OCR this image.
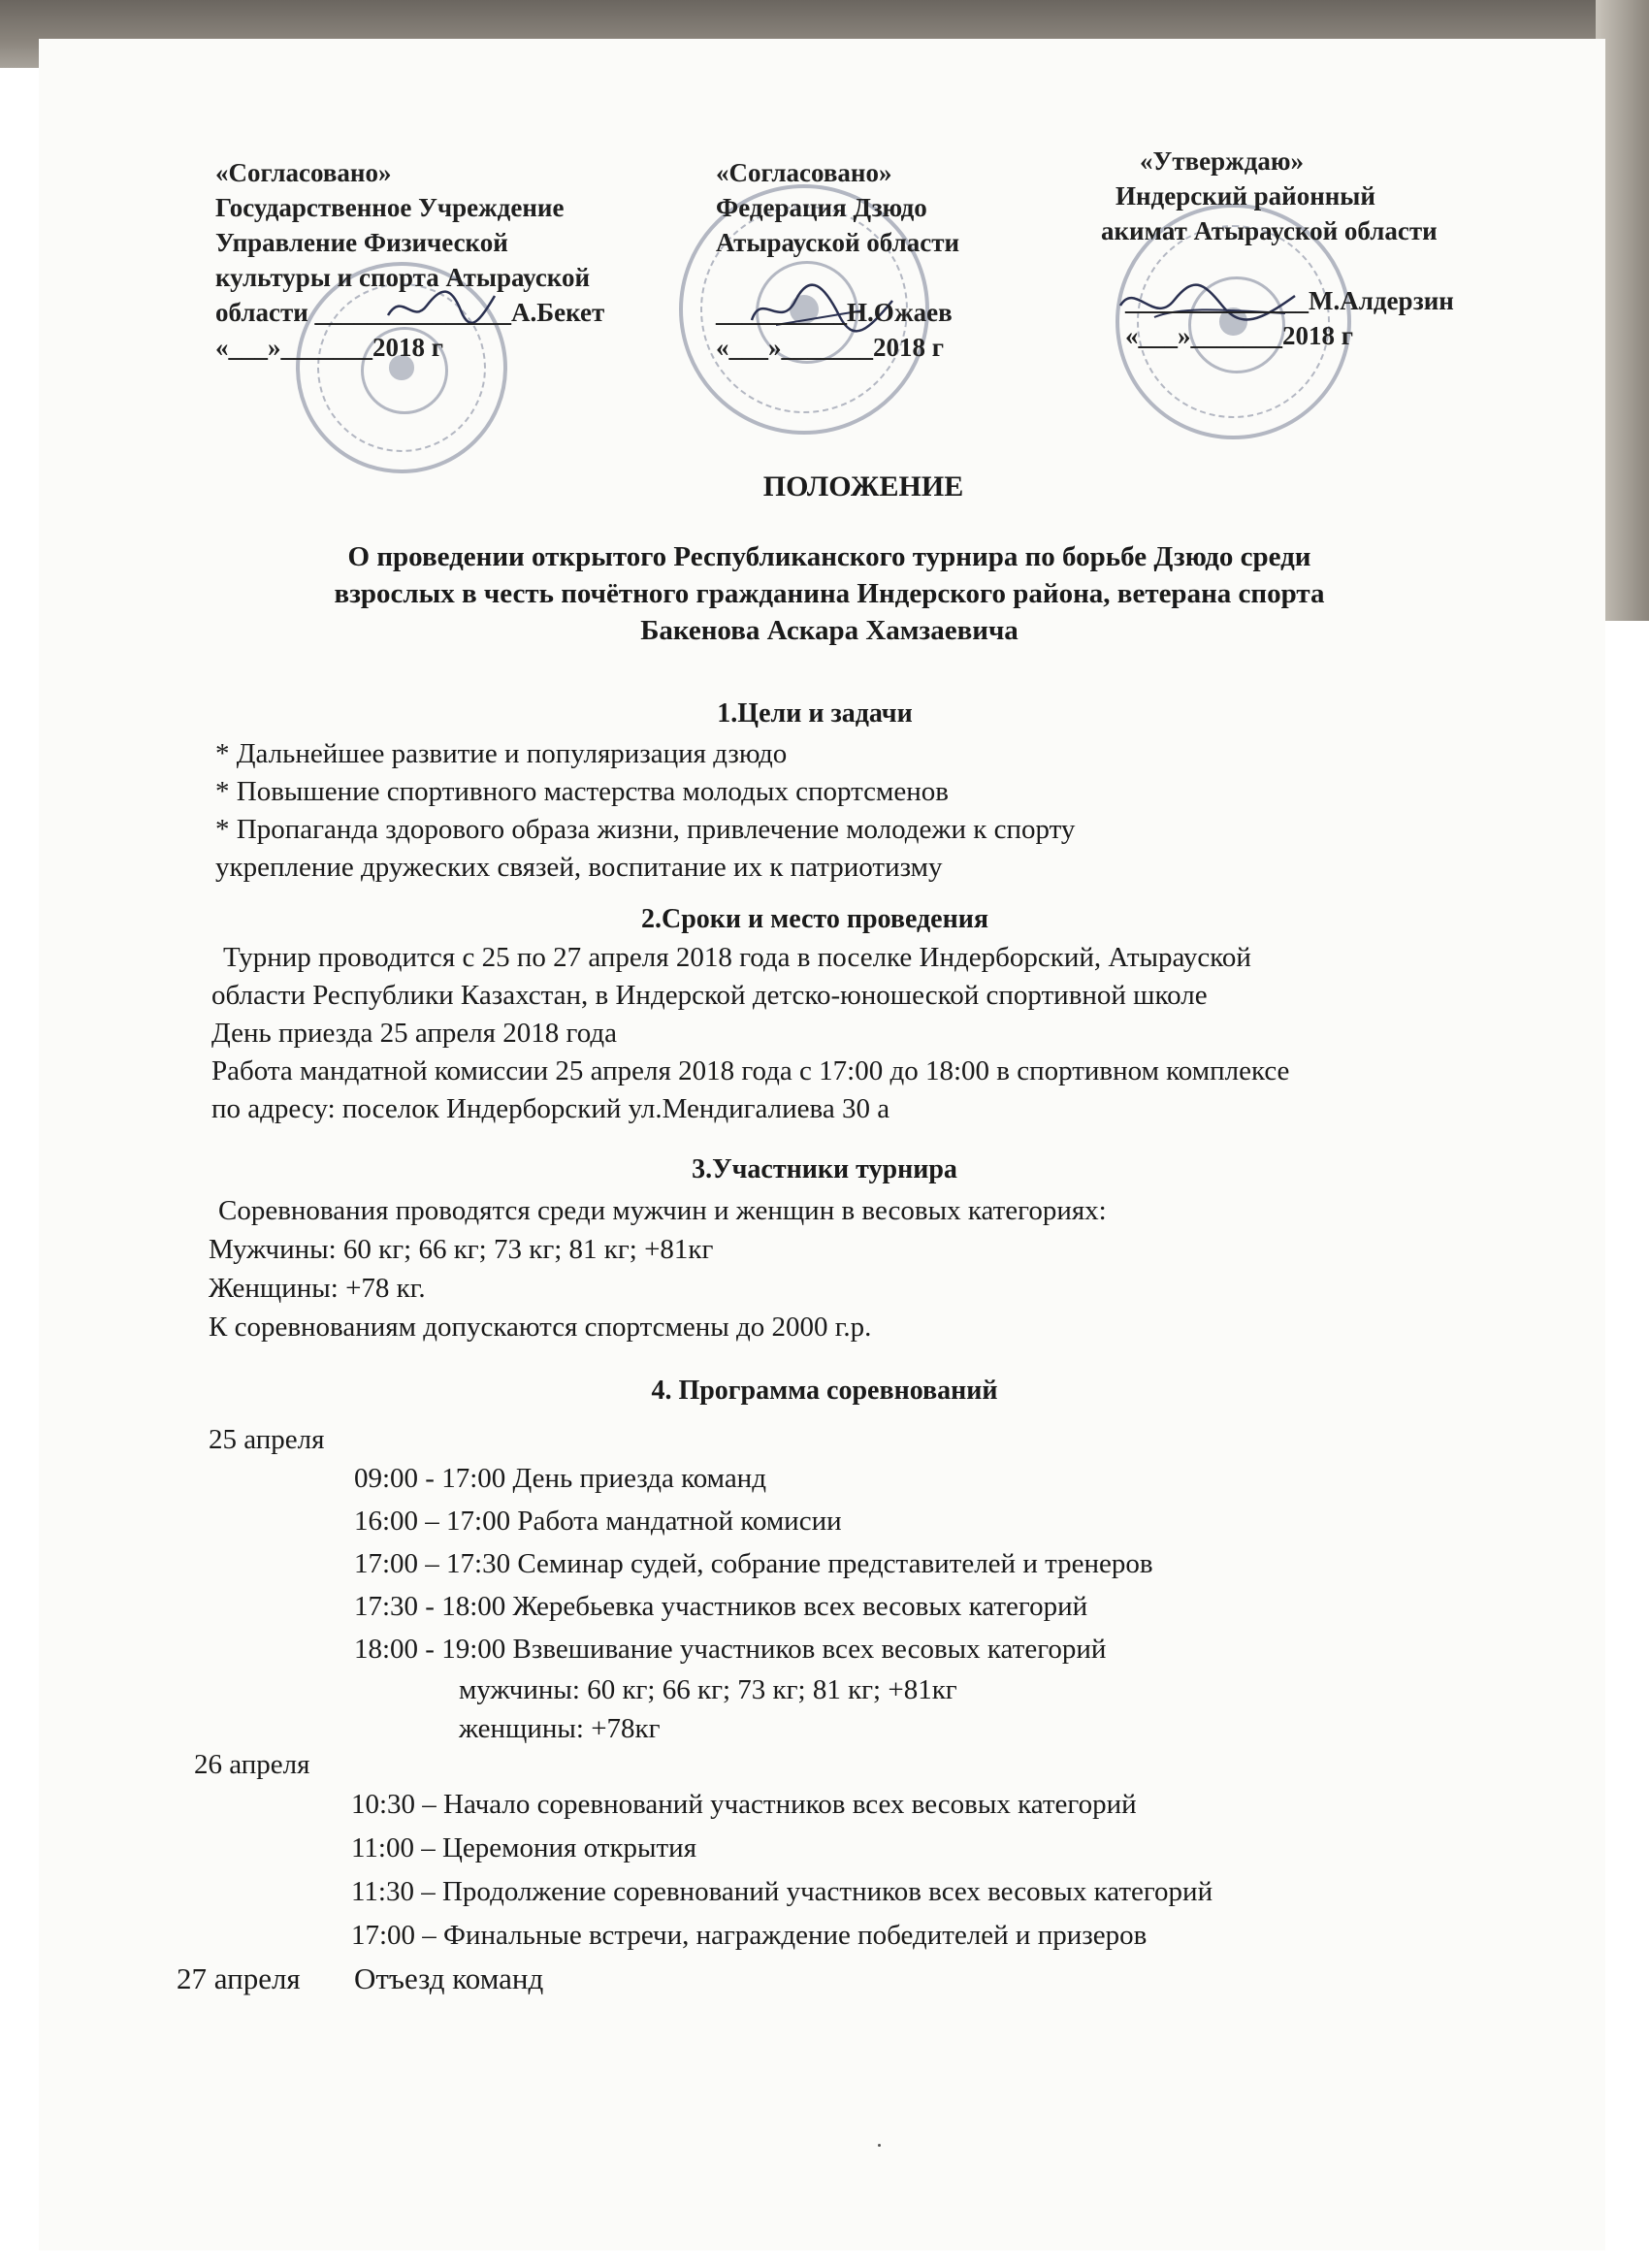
«Согласовано»
Государственное Учреждение
Управление Физической
культуры и спорта Атырауской
области _______________А.Бекет
«___»_______2018 г
«Согласовано»
Федерация Дзюдо
Атырауской области
__________Н.Ожаев
«___»_______2018 г
«Утверждаю»
Индерский районный
акимат Атырауской области
______________М.Алдерзин
«___»_______2018 г
ПОЛОЖЕНИЕ
О проведении открытого Республиканского турнира по борьбе Дзюдо среди
взрослых в честь почётного гражданина Индерского района, ветерана спорта
Бакенова Аскара Хамзаевича
1.Цели и задачи
* Дальнейшее развитие и популяризация дзюдо
* Повышение спортивного мастерства молодых спортсменов
* Пропаганда здорового образа жизни, привлечение молодежи к спорту
укрепление дружеских связей, воспитание их к патриотизму
2.Сроки и место проведения
Турнир проводится с 25 по 27 апреля 2018 года в поселке Индерборский, Атырауской
области Республики Казахстан, в Индерской детско-юношеской спортивной школе
День приезда 25 апреля 2018 года
Работа мандатной комиссии 25 апреля 2018 года с 17:00 до 18:00 в спортивном комплексе
по адресу: поселок Индерборский ул.Мендигалиева 30 а
3.Участники турнира
Соревнования проводятся среди мужчин и женщин в весовых категориях:
Мужчины: 60 кг; 66 кг; 73 кг; 81 кг; +81кг
Женщины: +78 кг.
К соревнованиям допускаются спортсмены до 2000 г.р.
4. Программа соревнований
25 апреля
09:00 - 17:00 День приезда команд
16:00 – 17:00 Работа мандатной комисии
17:00 – 17:30 Семинар судей, собрание представителей и тренеров
17:30 - 18:00 Жеребьевка участников всех весовых категорий
18:00 - 19:00 Взвешивание участников всех весовых категорий
мужчины: 60 кг; 66 кг; 73 кг; 81 кг; +81кг
женщины: +78кг
26 апреля
10:30 – Начало соревнований участников всех весовых категорий
11:00 – Церемония открытия
11:30 – Продолжение соревнований участников всех весовых категорий
17:00 – Финальные встречи, награждение победителей и призеров
27 апреля Отъезд команд
